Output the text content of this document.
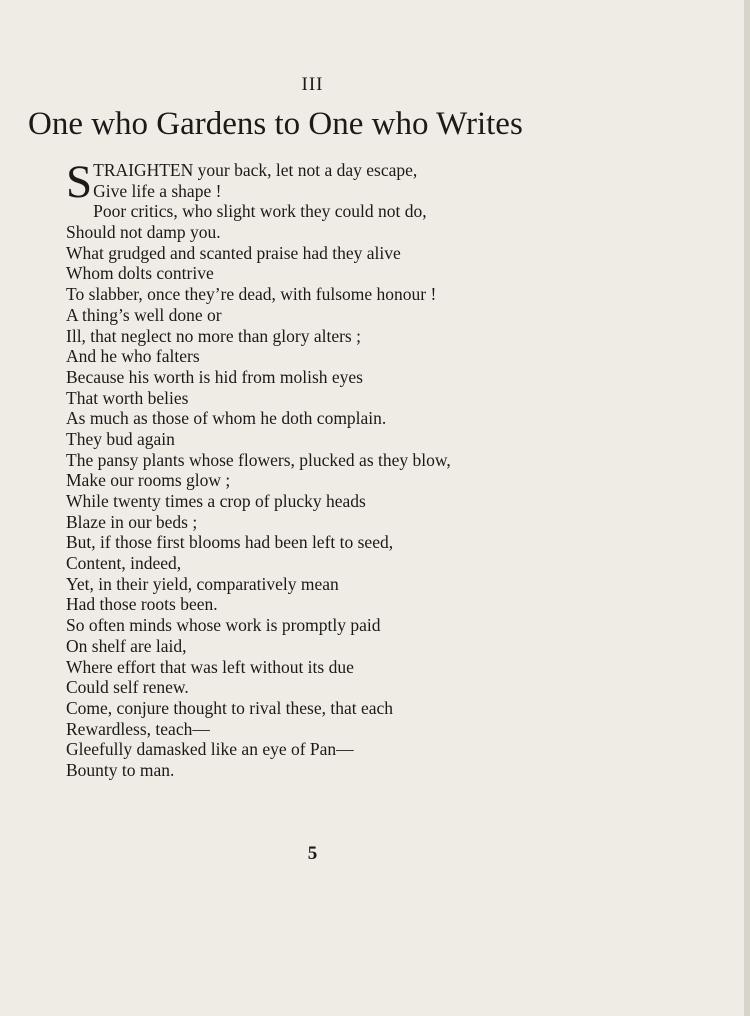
III
One who Gardens to One who Writes
S TRAIGHTEN your back, let not a day escape,
Give life a shape !
Poor critics, who slight work they could not do,
Should not damp you.
What grudged and scanted praise had they alive
Whom dolts contrive
To slabber, once they’re dead, with fulsome honour !
A thing’s well done or
Ill, that neglect no more than glory alters ;
And he who falters
Because his worth is hid from molish eyes
That worth belies
As much as those of whom he doth complain.
They bud again
The pansy plants whose flowers, plucked as they blow,
Make our rooms glow ;
While twenty times a crop of plucky heads
Blaze in our beds ;
But, if those first blooms had been left to seed,
Content, indeed,
Yet, in their yield, comparatively mean
Had those roots been.
So often minds whose work is promptly paid
On shelf are laid,
Where effort that was left without its due
Could self renew.
Come, conjure thought to rival these, that each
Rewardless, teach—
Gleefully damasked like an eye of Pan—
Bounty to man.
5
